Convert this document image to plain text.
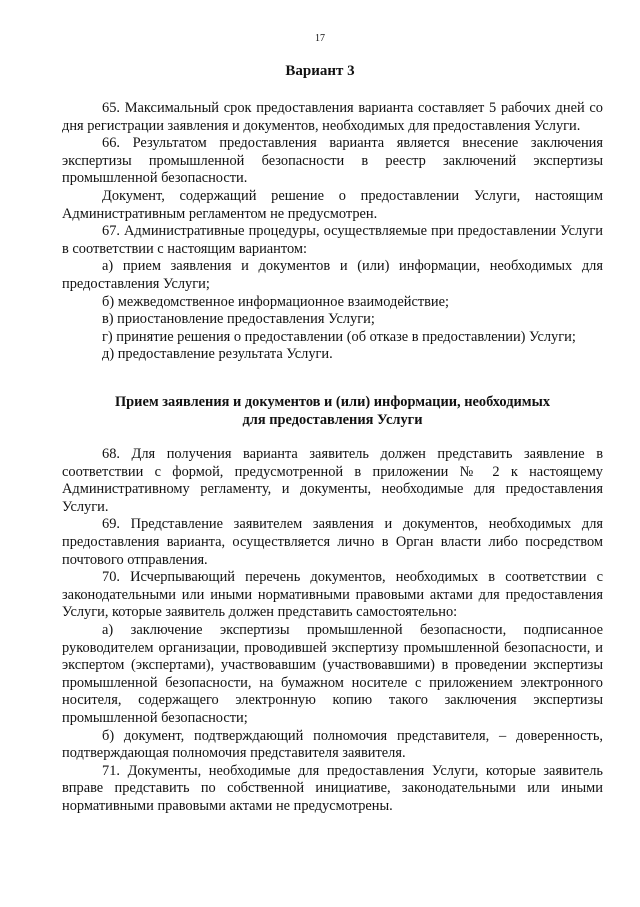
17
Вариант 3

65. Максимальный срок предоставления варианта составляет 5 рабочих дней со дня регистрации заявления и документов, необходимых для предоставления Услуги.

66. Результатом предоставления варианта является внесение заключения экспертизы промышленной безопасности в реестр заключений экспертизы промышленной безопасности.

Документ, содержащий решение о предоставлении Услуги, настоящим Административным регламентом не предусмотрен.

67. Административные процедуры, осуществляемые при предоставлении Услуги в соответствии с настоящим вариантом:

а) прием заявления и документов и (или) информации, необходимых для предоставления Услуги;

б) межведомственное информационное взаимодействие;

в) приостановление предоставления Услуги;

г) принятие решения о предоставлении (об отказе в предоставлении) Услуги;

д) предоставление результата Услуги.

Прием заявления и документов и (или) информации, необходимых

для предоставления Услуги

68. Для получения варианта заявитель должен представить заявление в соответствии с формой, предусмотренной в приложении № 2 к настоящему Административному регламенту, и документы, необходимые для предоставления Услуги.

69. Представление заявителем заявления и документов, необходимых для предоставления варианта, осуществляется лично в Орган власти либо посредством почтового отправления.

70. Исчерпывающий перечень документов, необходимых в соответствии с законодательными или иными нормативными правовыми актами для предоставления Услуги, которые заявитель должен представить самостоятельно:

а) заключение экспертизы промышленной безопасности, подписанное руководителем организации, проводившей экспертизу промышленной безопасности, и экспертом (экспертами), участвовавшим (участвовавшими) в проведении экспертизы промышленной безопасности, на бумажном носителе с приложением электронного носителя, содержащего электронную копию такого заключения экспертизы промышленной безопасности;

б) документ, подтверждающий полномочия представителя, – доверенность, подтверждающая полномочия представителя заявителя.

71. Документы, необходимые для предоставления Услуги, которые заявитель вправе представить по собственной инициативе, законодательными или иными нормативными правовыми актами не предусмотрены.
